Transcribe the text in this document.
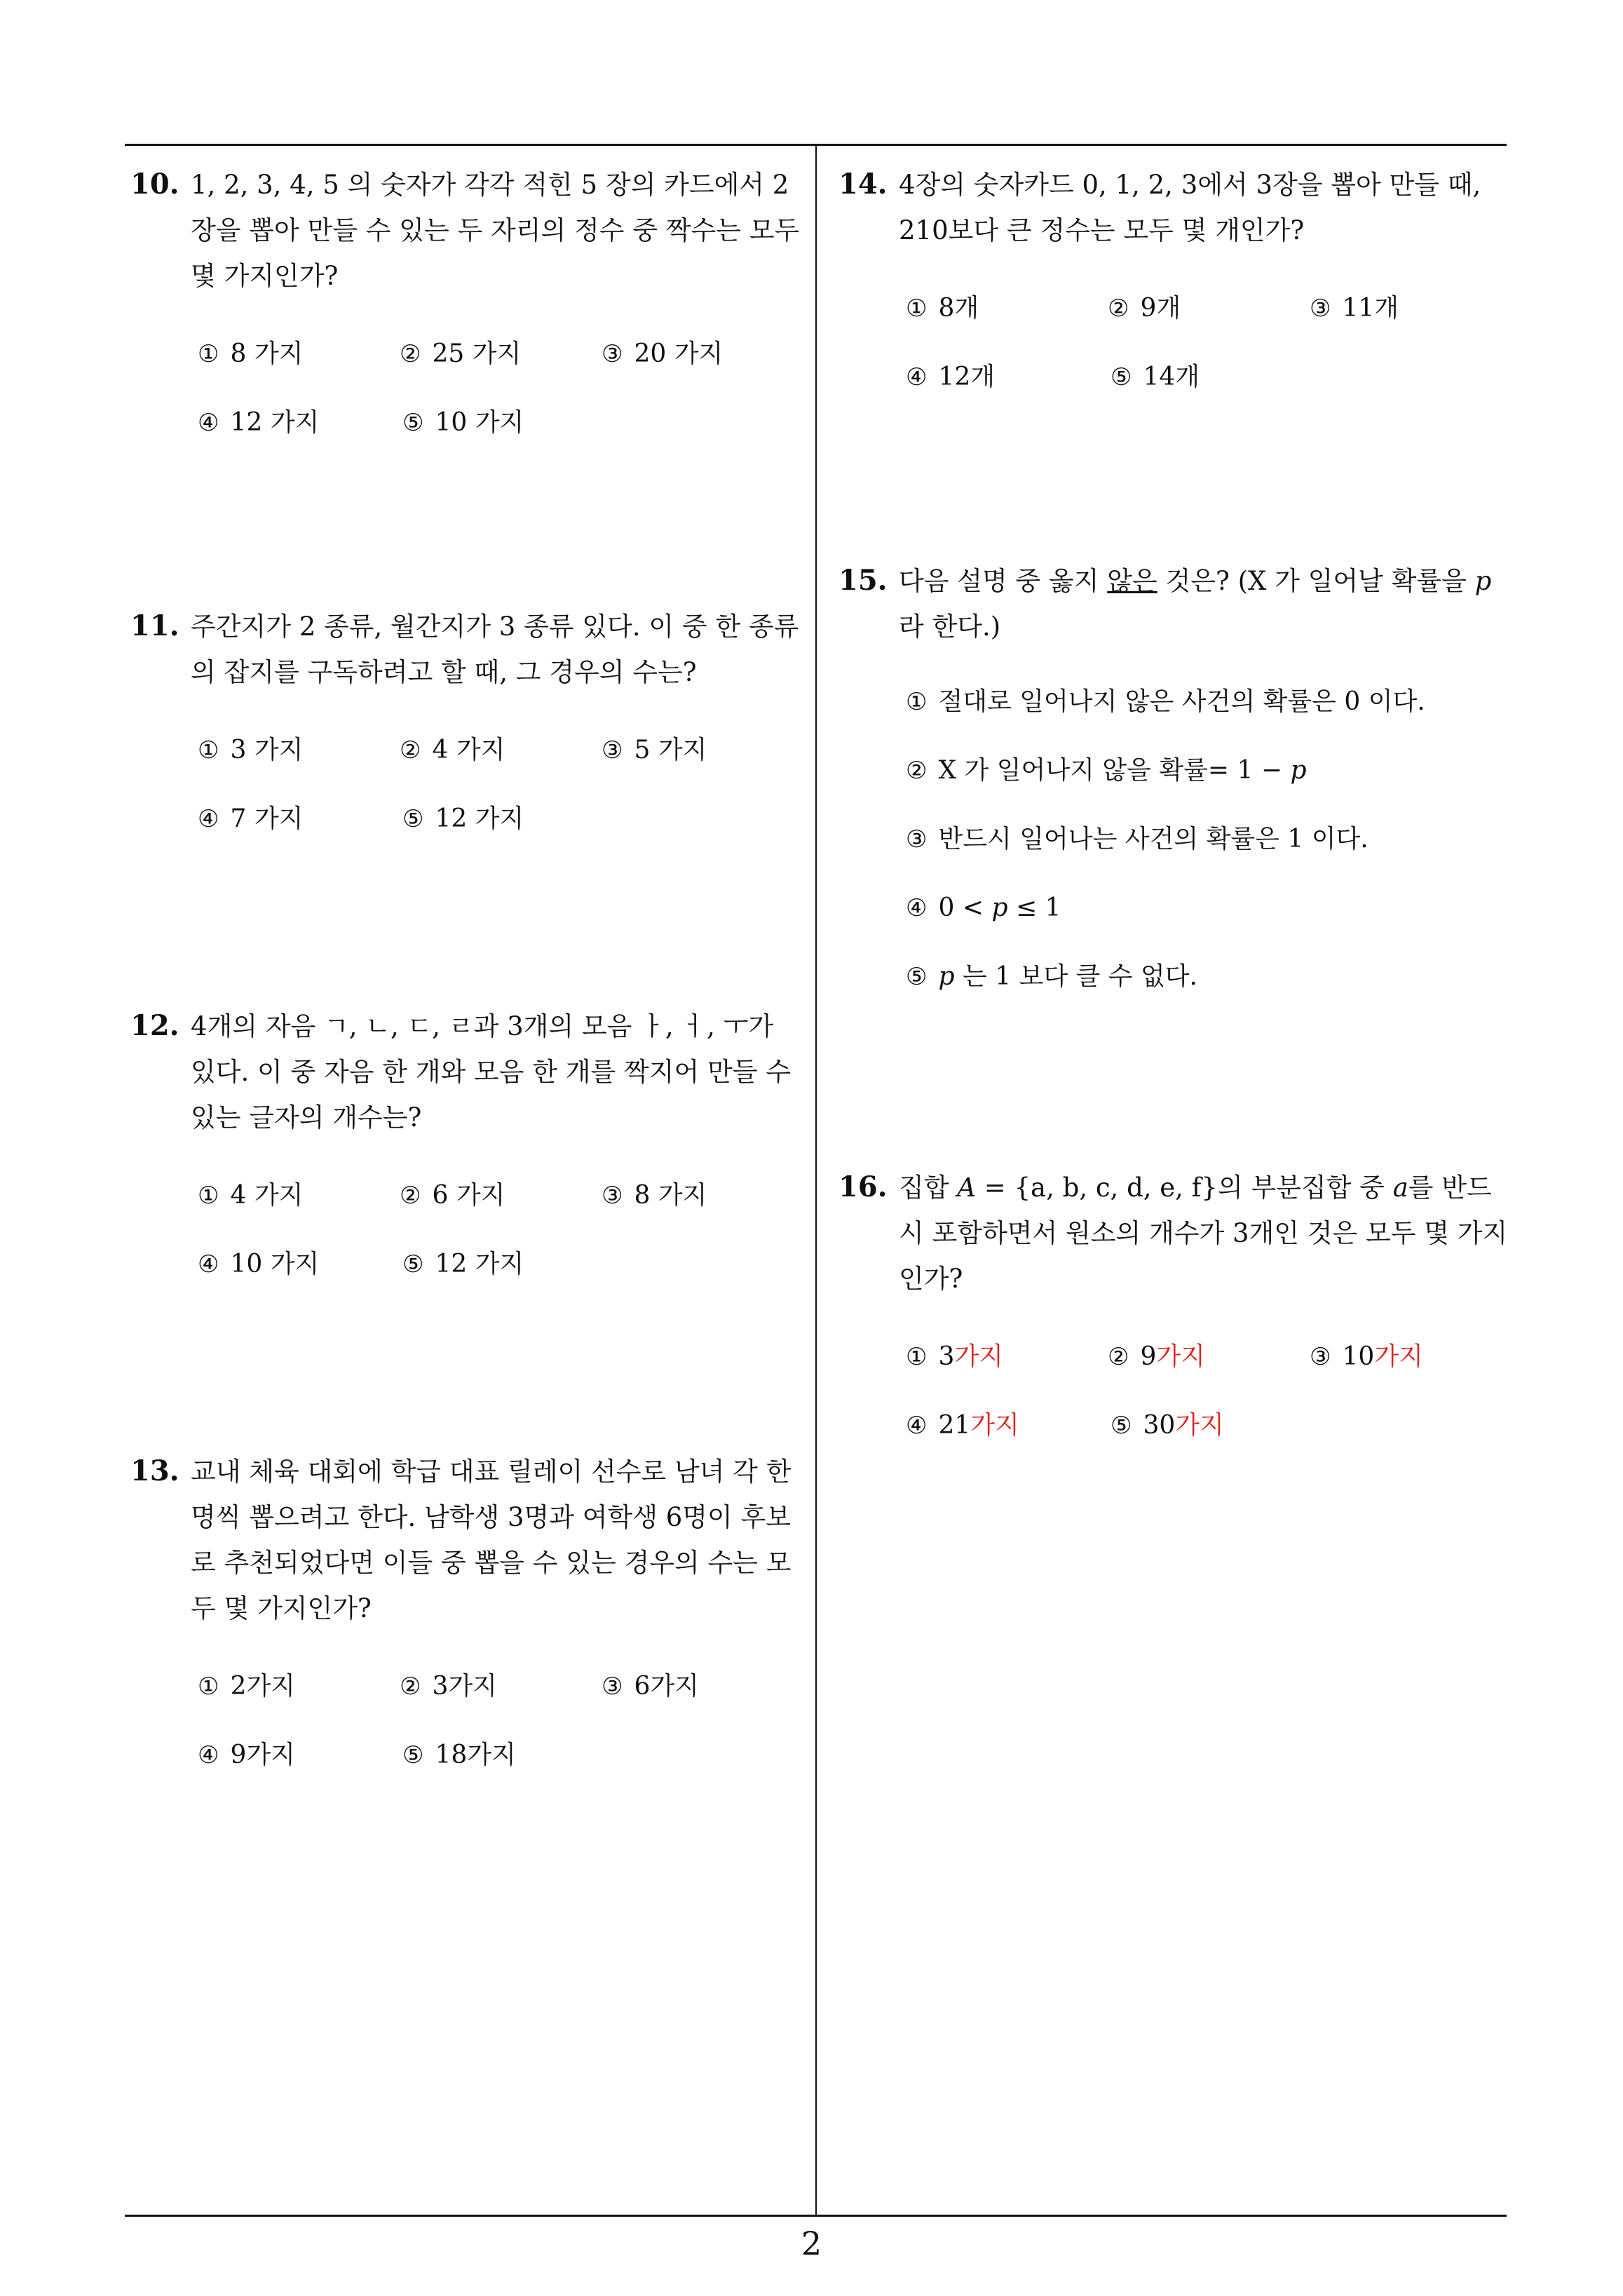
10. 1, 2, 3, 4, 5 의 숫자가 각각 적힌 5 장의 카드에서 2 장을 뽑아 만들 수 있는 두 자리의 정수 중 짝수는 모두 몇 가지인가?
① 8 가지	② 25 가지	③ 20 가지
④ 12 가지	⑤ 10 가지
11. 주간지가 2 종류, 월간지가 3 종류 있다. 이 중 한 종류의 잡지를 구독하려고 할 때, 그 경우의 수는?
① 3 가지	② 4 가지	③ 5 가지
④ 7 가지	⑤ 12 가지
12. 4개의 자음 ㄱ, ㄴ, ㄷ, ㄹ과 3개의 모음 ㅏ, ㅓ, ㅜ가 있다. 이 중 자음 한 개와 모음 한 개를 짝지어 만들 수 있는 글자의 개수는?
① 4 가지	② 6 가지	③ 8 가지
④ 10 가지	⑤ 12 가지
13. 교내 체육 대회에 학급 대표 릴레이 선수로 남녀 각 한 명씩 뽑으려고 한다. 남학생 3명과 여학생 6명이 후보로 추천되었다면 이들 중 뽑을 수 있는 경우의 수는 모두 몇 가지인가?
① 2가지	② 3가지	③ 6가지
④ 9가지	⑤ 18가지
14. 4장의 숫자카드 0, 1, 2, 3에서 3장을 뽑아 만들 때, 210보다 큰 정수는 모두 몇 개인가?
① 8개	② 9개	③ 11개
④ 12개	⑤ 14개
15. 다음 설명 중 옳지 않은 것은? (X 가 일어날 확률을 p 라 한다.)
① 절대로 일어나지 않은 사건의 확률은 0 이다.
② X 가 일어나지 않을 확률= 1 − p
③ 반드시 일어나는 사건의 확률은 1 이다.
④ 0 < p ≤ 1
⑤ p 는 1 보다 클 수 없다.
16. 집합 A = {a, b, c, d, e, f}의 부분집합 중 a를 반드시 포함하면서 원소의 개수가 3개인 것은 모두 몇 가지인가?
① 3가지	② 9가지	③ 10가지
④ 21가지	⑤ 30가지
2
